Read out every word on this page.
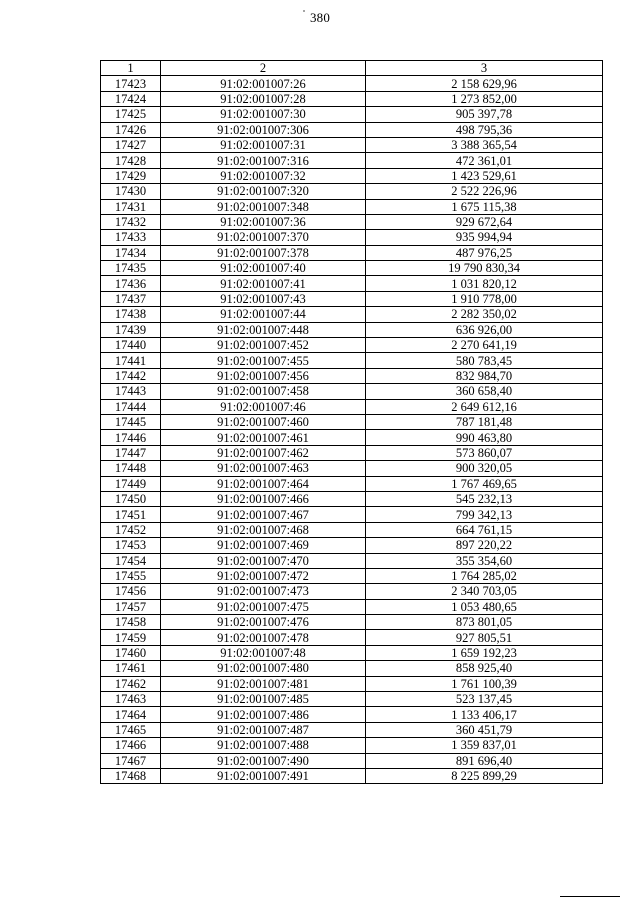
380
1	2	3
17423	91:02:001007:26	2 158 629,96
17424	91:02:001007:28	1 273 852,00
17425	91:02:001007:30	905 397,78
17426	91:02:001007:306	498 795,36
17427	91:02:001007:31	3 388 365,54
17428	91:02:001007:316	472 361,01
17429	91:02:001007:32	1 423 529,61
17430	91:02:001007:320	2 522 226,96
17431	91:02:001007:348	1 675 115,38
17432	91:02:001007:36	929 672,64
17433	91:02:001007:370	935 994,94
17434	91:02:001007:378	487 976,25
17435	91:02:001007:40	19 790 830,34
17436	91:02:001007:41	1 031 820,12
17437	91:02:001007:43	1 910 778,00
17438	91:02:001007:44	2 282 350,02
17439	91:02:001007:448	636 926,00
17440	91:02:001007:452	2 270 641,19
17441	91:02:001007:455	580 783,45
17442	91:02:001007:456	832 984,70
17443	91:02:001007:458	360 658,40
17444	91:02:001007:46	2 649 612,16
17445	91:02:001007:460	787 181,48
17446	91:02:001007:461	990 463,80
17447	91:02:001007:462	573 860,07
17448	91:02:001007:463	900 320,05
17449	91:02:001007:464	1 767 469,65
17450	91:02:001007:466	545 232,13
17451	91:02:001007:467	799 342,13
17452	91:02:001007:468	664 761,15
17453	91:02:001007:469	897 220,22
17454	91:02:001007:470	355 354,60
17455	91:02:001007:472	1 764 285,02
17456	91:02:001007:473	2 340 703,05
17457	91:02:001007:475	1 053 480,65
17458	91:02:001007:476	873 801,05
17459	91:02:001007:478	927 805,51
17460	91:02:001007:48	1 659 192,23
17461	91:02:001007:480	858 925,40
17462	91:02:001007:481	1 761 100,39
17463	91:02:001007:485	523 137,45
17464	91:02:001007:486	1 133 406,17
17465	91:02:001007:487	360 451,79
17466	91:02:001007:488	1 359 837,01
17467	91:02:001007:490	891 696,40
17468	91:02:001007:491	8 225 899,29
